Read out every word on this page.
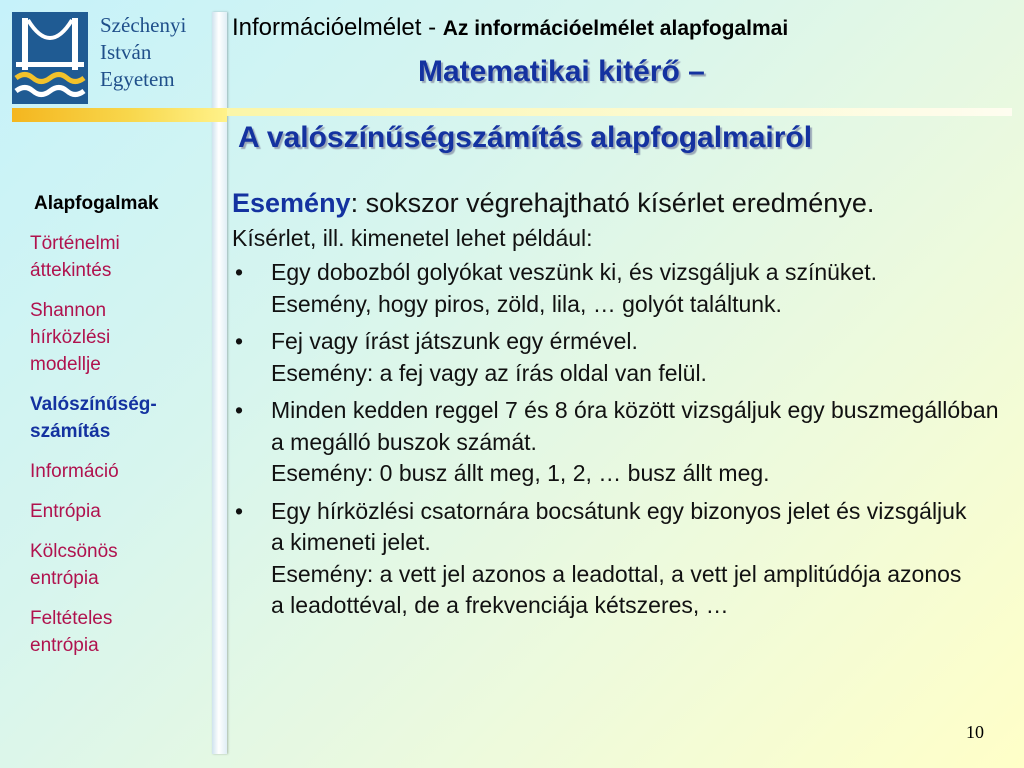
Széchenyi
István
Egyetem
Információelmélet - Az információelmélet alapfogalmai
Matematikai kitérő –
A valószínűségszámítás alapfogalmairól
Alapfogalmak
Történelmi áttekintés
Shannon hírközlési modellje
Valószínűség-számítás
Információ
Entrópia
Kölcsönös entrópia
Feltételes entrópia
Esemény: sokszor végrehajtható kísérlet eredménye.
Kísérlet, ill. kimenetel lehet például:
• Egy dobozból golyókat veszünk ki, és vizsgáljuk a színüket.
Esemény, hogy piros, zöld, lila, … golyót találtunk.
• Fej vagy írást játszunk egy érmével.
Esemény: a fej vagy az írás oldal van felül.
• Minden kedden reggel 7 és 8 óra között vizsgáljuk egy buszmegállóban a megálló buszok számát.
Esemény: 0 busz állt meg, 1, 2, … busz állt meg.
• Egy hírközlési csatornára bocsátunk egy bizonyos jelet és vizsgáljuk a kimeneti jelet.
Esemény: a vett jel azonos a leadottal, a vett jel amplitúdója azonos a leadottéval, de a frekvenciája kétszeres, …
10
